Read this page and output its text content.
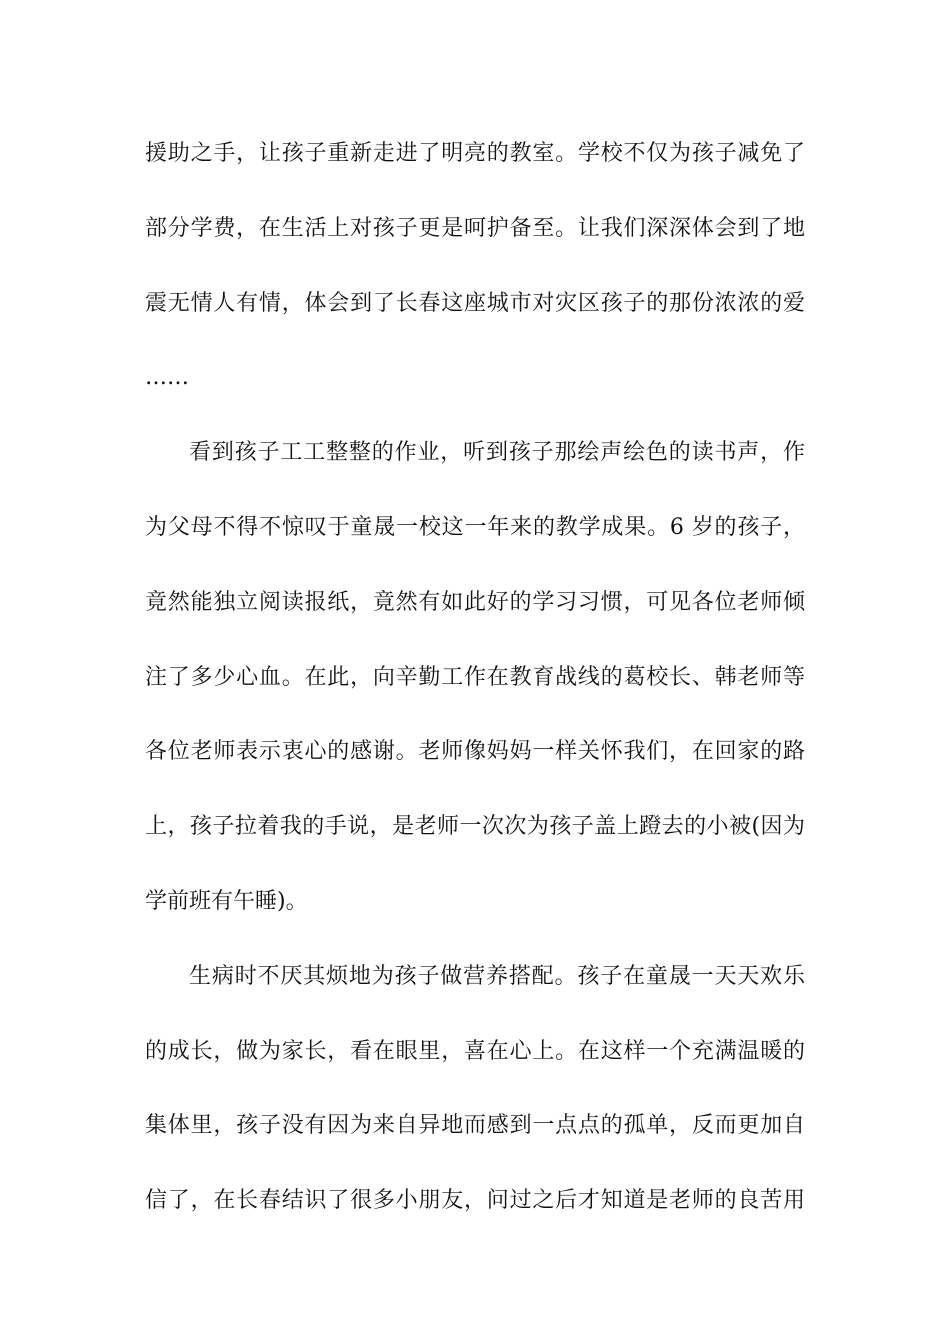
援助之手，让孩子重新走进了明亮的教室。学校不仅为孩子减免了
部分学费，在生活上对孩子更是呵护备至。让我们深深体会到了地
震无情人有情，体会到了长春这座城市对灾区孩子的那份浓浓的爱
……
看到孩子工工整整的作业，听到孩子那绘声绘色的读书声，作
为父母不得不惊叹于童晟一校这一年来的教学成果。6 岁的孩子，
竟然能独立阅读报纸，竟然有如此好的学习习惯，可见各位老师倾
注了多少心血。在此，向辛勤工作在教育战线的葛校长、韩老师等
各位老师表示衷心的感谢。老师像妈妈一样关怀我们，在回家的路
上，孩子拉着我的手说，是老师一次次为孩子盖上蹬去的小被(因为
学前班有午睡)。
生病时不厌其烦地为孩子做营养搭配。孩子在童晟一天天欢乐
的成长，做为家长，看在眼里，喜在心上。在这样一个充满温暖的
集体里，孩子没有因为来自异地而感到一点点的孤单，反而更加自
信了，在长春结识了很多小朋友，问过之后才知道是老师的良苦用
